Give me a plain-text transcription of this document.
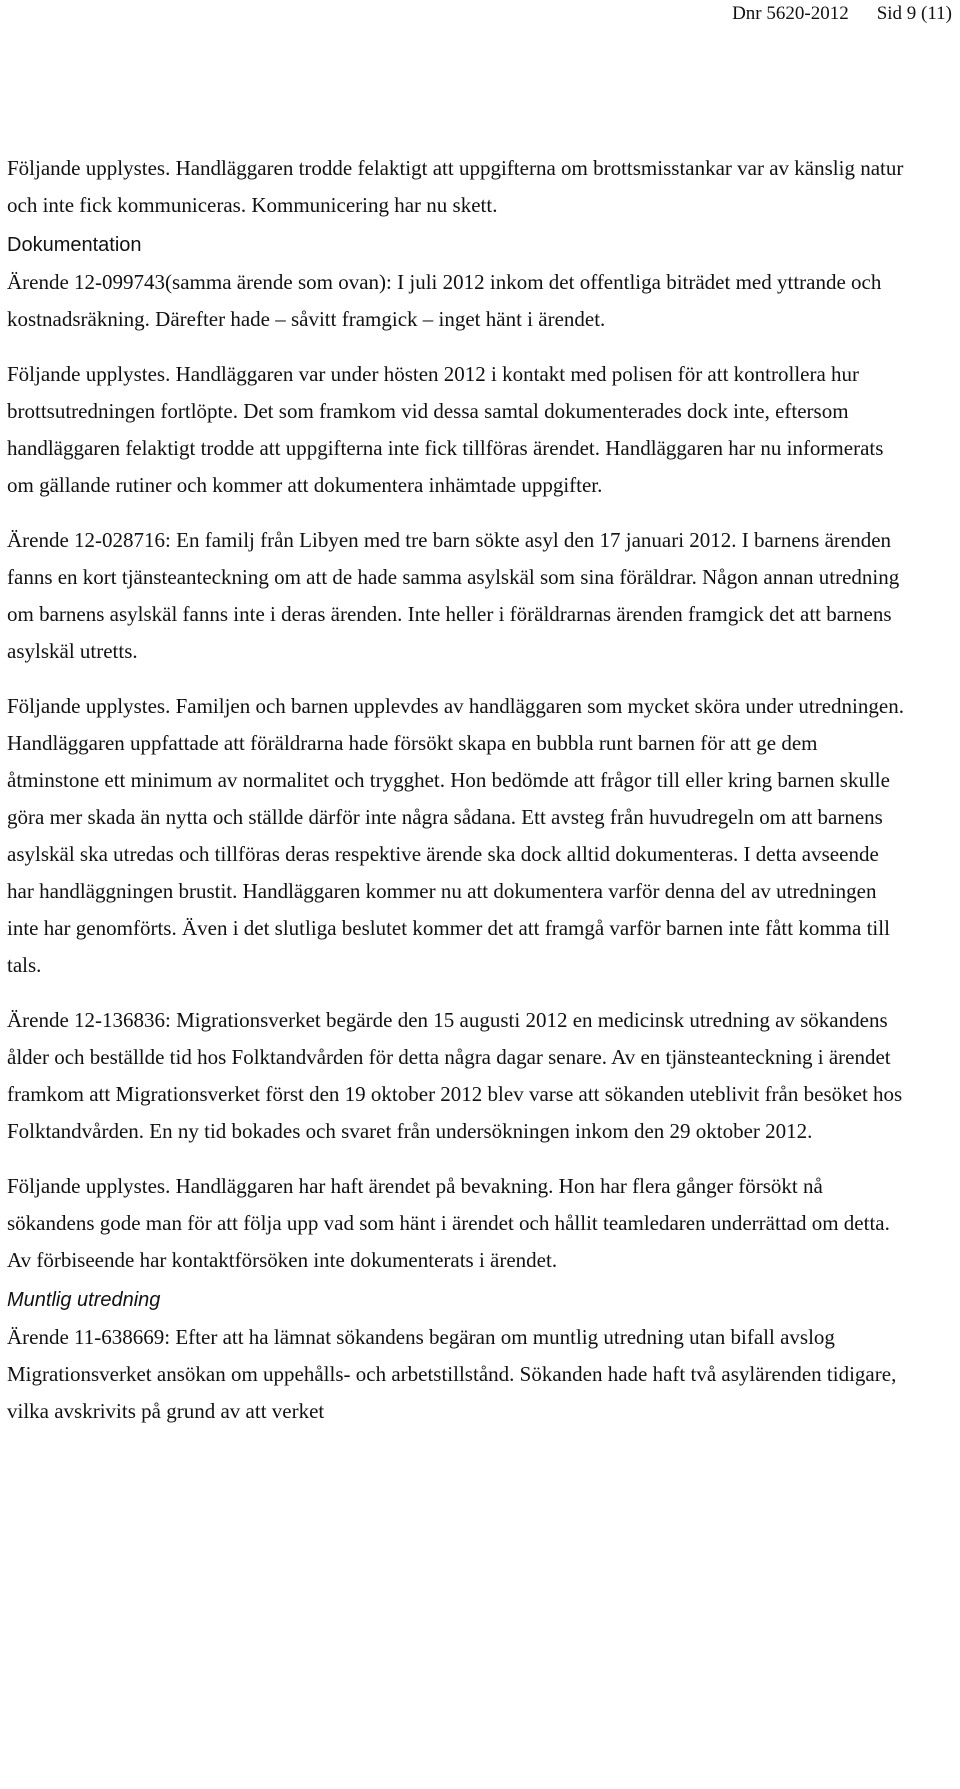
Dnr 5620-2012 Sid 9 (11)

Följande upplystes. Handläggaren trodde felaktigt att uppgifterna om brottsmisstankar var av känslig natur och inte fick kommuniceras. Kommunicering har nu skett.

Dokumentation

Ärende 12-099743(samma ärende som ovan): I juli 2012 inkom det offentliga biträdet med yttrande och kostnadsräkning. Därefter hade – såvitt framgick – inget hänt i ärendet.

Följande upplystes. Handläggaren var under hösten 2012 i kontakt med polisen för att kontrollera hur brottsutredningen fortlöpte. Det som framkom vid dessa samtal dokumenterades dock inte, eftersom handläggaren felaktigt trodde att uppgifterna inte fick tillföras ärendet. Handläggaren har nu informerats om gällande rutiner och kommer att dokumentera inhämtade uppgifter.

Ärende 12-028716: En familj från Libyen med tre barn sökte asyl den 17 januari 2012. I barnens ärenden fanns en kort tjänsteanteckning om att de hade samma asylskäl som sina föräldrar. Någon annan utredning om barnens asylskäl fanns inte i deras ärenden. Inte heller i föräldrarnas ärenden framgick det att barnens asylskäl utretts.

Följande upplystes. Familjen och barnen upplevdes av handläggaren som mycket sköra under utredningen. Handläggaren uppfattade att föräldrarna hade försökt skapa en bubbla runt barnen för att ge dem åtminstone ett minimum av normalitet och trygghet. Hon bedömde att frågor till eller kring barnen skulle göra mer skada än nytta och ställde därför inte några sådana. Ett avsteg från huvudregeln om att barnens asylskäl ska utredas och tillföras deras respektive ärende ska dock alltid dokumenteras. I detta avseende har handläggningen brustit. Handläggaren kommer nu att dokumentera varför denna del av utredningen inte har genomförts. Även i det slutliga beslutet kommer det att framgå varför barnen inte fått komma till tals.

Ärende 12-136836: Migrationsverket begärde den 15 augusti 2012 en medicinsk utredning av sökandens ålder och beställde tid hos Folktandvården för detta några dagar senare. Av en tjänsteanteckning i ärendet framkom att Migrationsverket först den 19 oktober 2012 blev varse att sökanden uteblivit från besöket hos Folktandvården. En ny tid bokades och svaret från undersökningen inkom den 29 oktober 2012.

Följande upplystes. Handläggaren har haft ärendet på bevakning. Hon har flera gånger försökt nå sökandens gode man för att följa upp vad som hänt i ärendet och hållit teamledaren underrättad om detta. Av förbiseende har kontaktförsöken inte dokumenterats i ärendet.

Muntlig utredning

Ärende 11-638669: Efter att ha lämnat sökandens begäran om muntlig utredning utan bifall avslog Migrationsverket ansökan om uppehålls- och arbetstillstånd. Sökanden hade haft två asylärenden tidigare, vilka avskrivits på grund av att verket
